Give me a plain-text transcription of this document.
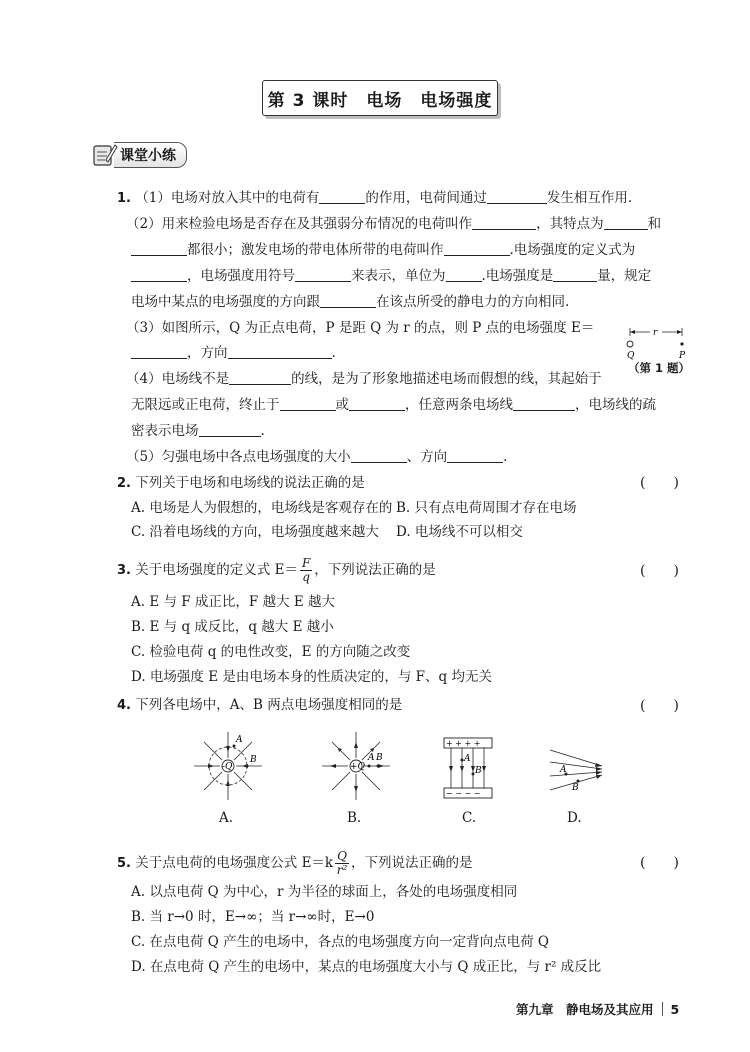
第 3 课时　电场　电场强度
课堂小练
1. （1）电场对放入其中的电荷有	的作用，电荷间通过	发生相互作用.
（2）用来检验电场是否存在及其强弱分布情况的电荷叫作	，其特点为	和
都很小；激发电场的带电体所带的电荷叫作	.电场强度的定义式为
，电场强度用符号	来表示，单位为	.电场强度是	量，规定
电场中某点的电场强度的方向跟	在该点所受的静电力的方向相同.
（3）如图所示，Q 为正点电荷，P 是距 Q 为 r 的点，则 P 点的电场强度 E＝
，方向	.
r
Q	P
（第 1 题）
（4）电场线不是	的线，是为了形象地描述电场而假想的线，其起始于
无限远或正电荷，终止于	或	，任意两条电场线	，电场线的疏
密表示电场	.
（5）匀强电场中各点电场强度的大小	、方向	.
2. 下列关于电场和电场线的说法正确的是	(　　)
A. 电场是人为假想的，电场线是客观存在的 B. 只有点电荷周围才存在电场
C. 沿着电场线的方向，电场强度越来越大 D. 电场线不可以相交
3. 关于电场强度的定义式 $E= \frac{F}{q}$ ，下列说法正确的是	(　　)
A. E 与 F 成正比，F 越大 E 越大
B. E 与 q 成反比，q 越大 E 越小
C. 检验电荷 q 的电性改变，E 的方向随之改变
D. 电场强度 E 是由电场本身的性质决定的，与 F、q 均无关
4. 下列各电场中，A、B 两点电场强度相同的是	(　　)
-Q
A
B
+Q
A B
+ + + +
− − − −
A
B	A
B
A.	B.	C.	D.
5. 关于点电荷的电场强度公式 $E=k \frac{Q}{\text{r²}}$ ，下列说法正确的是	(　　)
A. 以点电荷 Q 为中心，r 为半径的球面上，各处的电场强度相同
B. 当 r→0 时，E→∞；当 r→∞时，E→0
C. 在点电荷 Q 产生的电场中，各点的电场强度方向一定背向点电荷 Q
D. 在点电荷 Q 产生的电场中，某点的电场强度大小与 Q 成正比，与 r² 成反比
第九章　静电场及其应用 5
